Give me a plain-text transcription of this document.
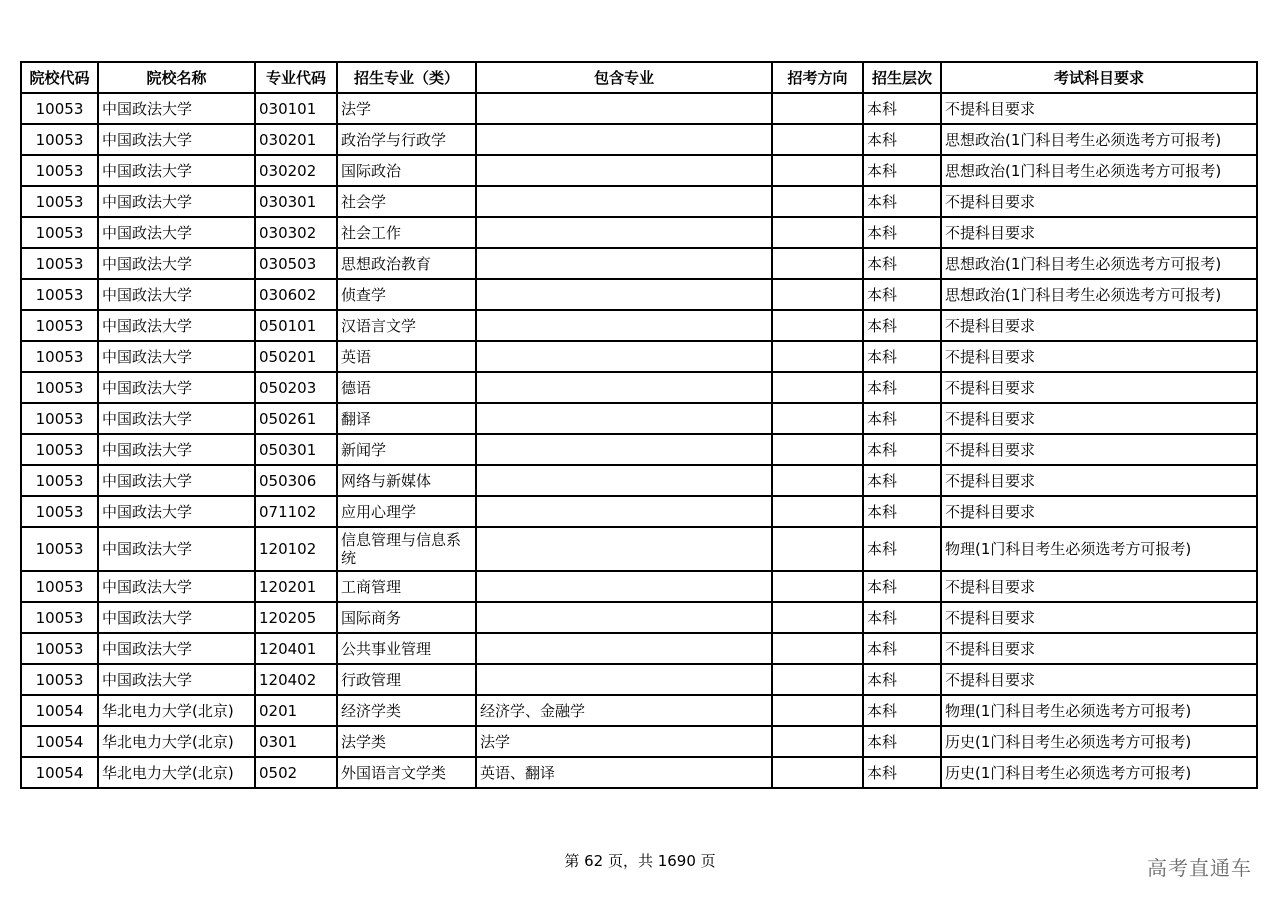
院校代码	院校名称	专业代码	招生专业（类）	包含专业	招考方向	招生层次	考试科目要求
10053	中国政法大学	030101	法学			本科	不提科目要求
10053	中国政法大学	030201	政治学与行政学			本科	思想政治(1门科目考生必须选考方可报考)
10053	中国政法大学	030202	国际政治			本科	思想政治(1门科目考生必须选考方可报考)
10053	中国政法大学	030301	社会学			本科	不提科目要求
10053	中国政法大学	030302	社会工作			本科	不提科目要求
10053	中国政法大学	030503	思想政治教育			本科	思想政治(1门科目考生必须选考方可报考)
10053	中国政法大学	030602	侦查学			本科	思想政治(1门科目考生必须选考方可报考)
10053	中国政法大学	050101	汉语言文学			本科	不提科目要求
10053	中国政法大学	050201	英语			本科	不提科目要求
10053	中国政法大学	050203	德语			本科	不提科目要求
10053	中国政法大学	050261	翻译			本科	不提科目要求
10053	中国政法大学	050301	新闻学			本科	不提科目要求
10053	中国政法大学	050306	网络与新媒体			本科	不提科目要求
10053	中国政法大学	071102	应用心理学			本科	不提科目要求
10053	中国政法大学	120102	信息管理与信息系统			本科	物理(1门科目考生必须选考方可报考)
10053	中国政法大学	120201	工商管理			本科	不提科目要求
10053	中国政法大学	120205	国际商务			本科	不提科目要求
10053	中国政法大学	120401	公共事业管理			本科	不提科目要求
10053	中国政法大学	120402	行政管理			本科	不提科目要求
10054	华北电力大学(北京)	0201	经济学类	经济学、金融学		本科	物理(1门科目考生必须选考方可报考)
10054	华北电力大学(北京)	0301	法学类	法学		本科	历史(1门科目考生必须选考方可报考)
10054	华北电力大学(北京)	0502	外国语言文学类	英语、翻译		本科	历史(1门科目考生必须选考方可报考)
第 62 页，共 1690 页	高考直通车
